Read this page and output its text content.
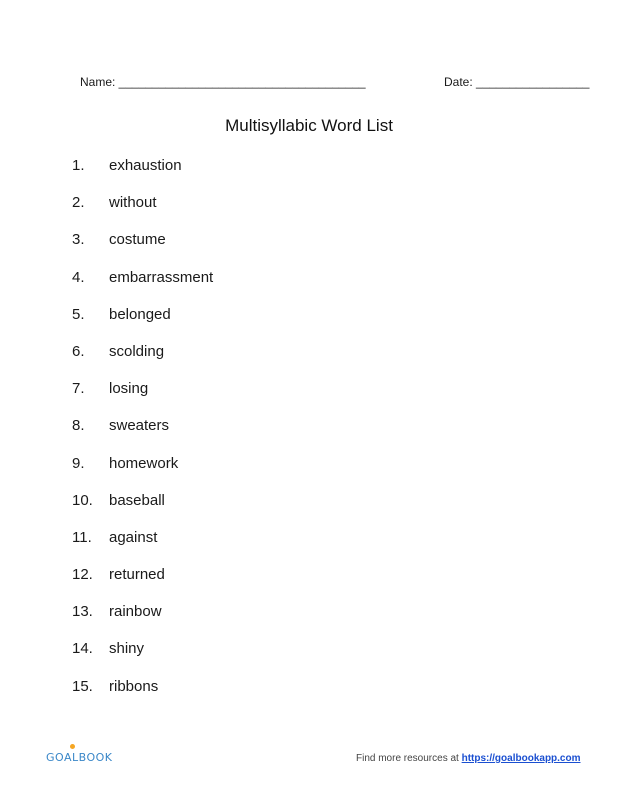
Name: _____________________________________	Date: _________________
Multisyllabic Word List
1. exhaustion
2. without
3. costume
4. embarrassment
5. belonged
6. scolding
7. losing
8. sweaters
9. homework
10. baseball
11. against
12. returned
13. rainbow
14. shiny
15. ribbons
GOALBOOK	Find more resources at https://goalbookapp.com
